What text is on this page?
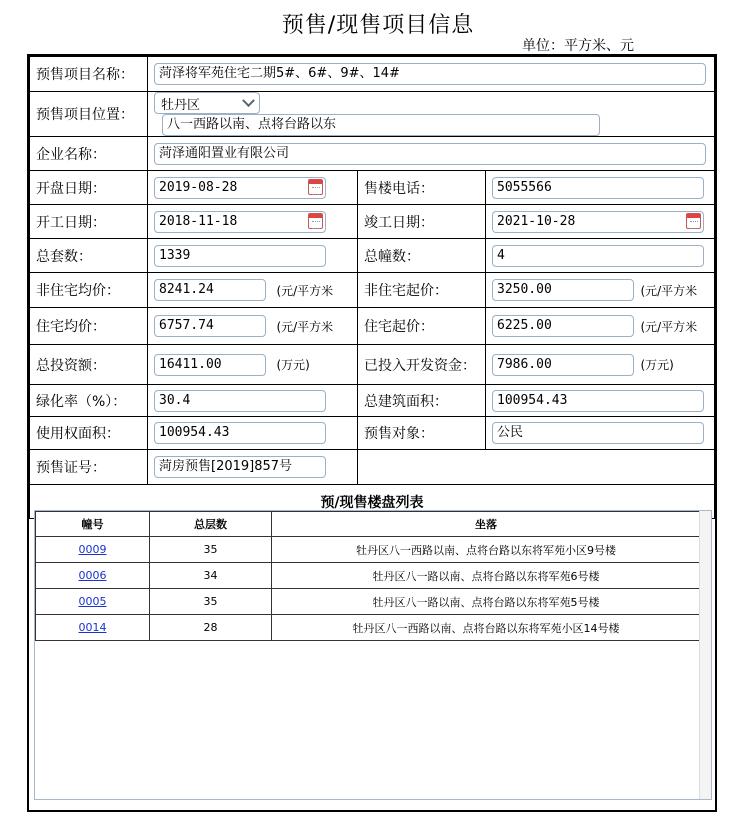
预售/现售项目信息
单位：平方米、元
预售项目名称：	菏泽将军苑住宅二期5#、6#、9#、14#		
预售项目位置：	牡丹区
八一西路以南、点将台路以东		
企业名称：	菏泽通阳置业有限公司		
开盘日期：	2019-08-28	售楼电话：	5055566
开工日期：	2018-11-18	竣工日期：	2021-10-28

总套数：	1339	总幢数：	4
非住宅均价：	8241.24 (元/平方米	非住宅起价：	3250.00 (元/平方米
住宅均价：	6757.74 (元/平方米	住宅起价：	6225.00 (元/平方米
总投资额：	16411.00 (万元)	已投入开发资金：	7986.00 (万元)
绿化率（%）：	30.4	总建筑面积：	100954.43
使用权面积：	100954.43	预售对象：	公民
预售证号：	菏房预售[2019]857号		
预/现售楼盘列表			
幢号	总层数	坐落
0009	35	牡丹区八一西路以南、点将台路以东将军苑小区9号楼
0006	34	牡丹区八一路以南、点将台路以东将军苑6号楼
0005	35	牡丹区八一路以南、点将台路以东将军苑5号楼
0014	28	牡丹区八一西路以南、点将台路以东将军苑小区14号楼
